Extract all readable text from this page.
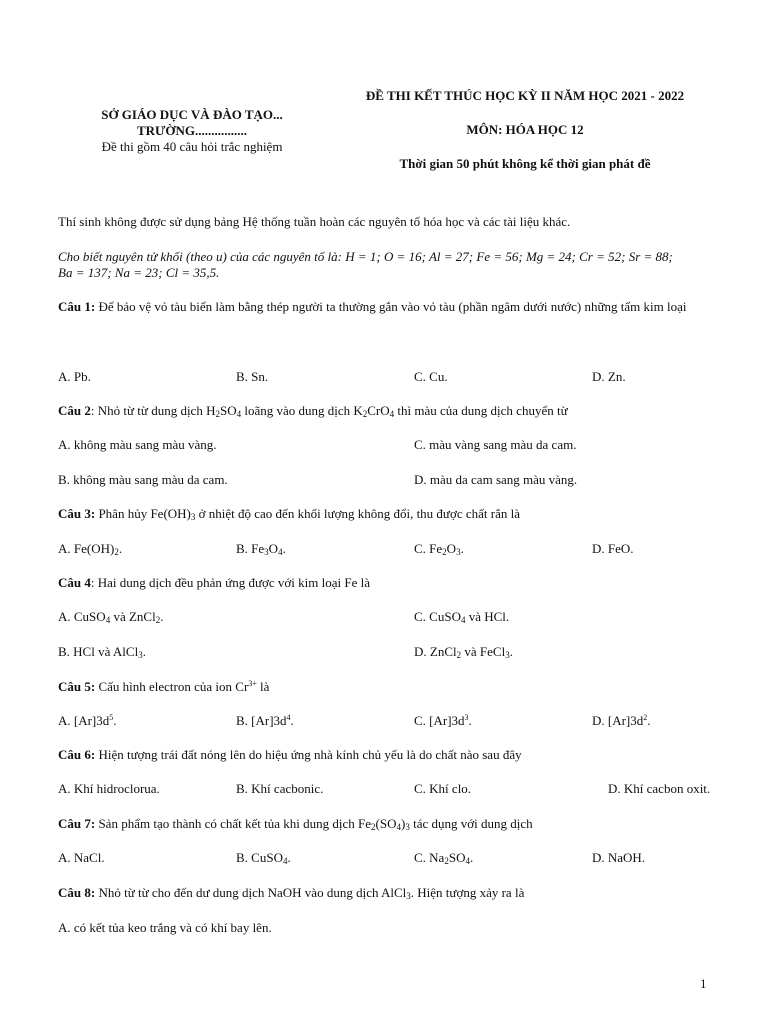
SỞ GIÁO DỤC VÀ ĐÀO TẠO...
TRƯỜNG................
Đề thi gồm 40 câu hỏi trắc nghiệm
ĐỀ THI KẾT THÚC HỌC KỲ II NĂM HỌC 2021 - 2022
MÔN: HÓA HỌC 12
Thời gian 50 phút không kể thời gian phát đề
Thí sinh không được sử dụng bảng Hệ thống tuần hoàn các nguyên tố hóa học và các tài liệu khác.
Cho biết nguyên tử khối (theo u) của các nguyên tố là: H = 1; O = 16; Al = 27; Fe = 56; Mg = 24; Cr = 52; Sr = 88;
Ba = 137; Na = 23; Cl = 35,5.
Câu 1: Để bảo vệ vỏ tàu biển làm bằng thép người ta thường gắn vào vỏ tàu (phần ngâm dưới nước) những tấm kim loại
A. Pb.	B. Sn.	C. Cu.	D. Zn.
Câu 2: Nhỏ từ từ dung dịch $H_2SO_4$ loãng vào dung dịch $K_2CrO_4$ thì màu của dung dịch chuyển từ
A. không màu sang màu vàng.	C. màu vàng sang màu da cam.
B. không màu sang màu da cam.	D. màu da cam sang màu vàng.
Câu 3: Phân hủy $Fe(OH)_3$ ở nhiệt độ cao đến khối lượng không đổi, thu được chất rắn là
A. $Fe(OH)_2$.	B. $Fe_3O_4$.	C. $Fe_2O_3$.	D. FeO.
Câu 4: Hai dung dịch đều phản ứng được với kim loại Fe là
A. CuSO$_4$ và ZnCl$_2$.	C. CuSO$_4$ và HCl.
B. HCl và AlCl$_3$.	D. ZnCl$_2$ và FeCl$_3$.
Câu 5: Cấu hình electron của ion $Cr^{3+}$ là
A. $[Ar]3d^5$.	B. $[Ar]3d^4$.	C. $[Ar]3d^3$.	D. $[Ar]3d^2$.
Câu 6: Hiện tượng trái đất nóng lên do hiệu ứng nhà kính chủ yếu là do chất nào sau đây
A. Khí hidroclorua.	B. Khí cacbonic.	C. Khí clo.	D. Khí cacbon oxit.
Câu 7: Sản phẩm tạo thành có chất kết tủa khi dung dịch $Fe_2(SO_4)_3$ tác dụng với dung dịch
A. NaCl.	B. CuSO$_4$.	C. $Na_2SO_4$.	D. NaOH.
Câu 8: Nhỏ từ từ cho đến dư dung dịch NaOH vào dung dịch AlCl$_3$. Hiện tượng xảy ra là
A. có kết tủa keo trắng và có khí bay lên.
1
